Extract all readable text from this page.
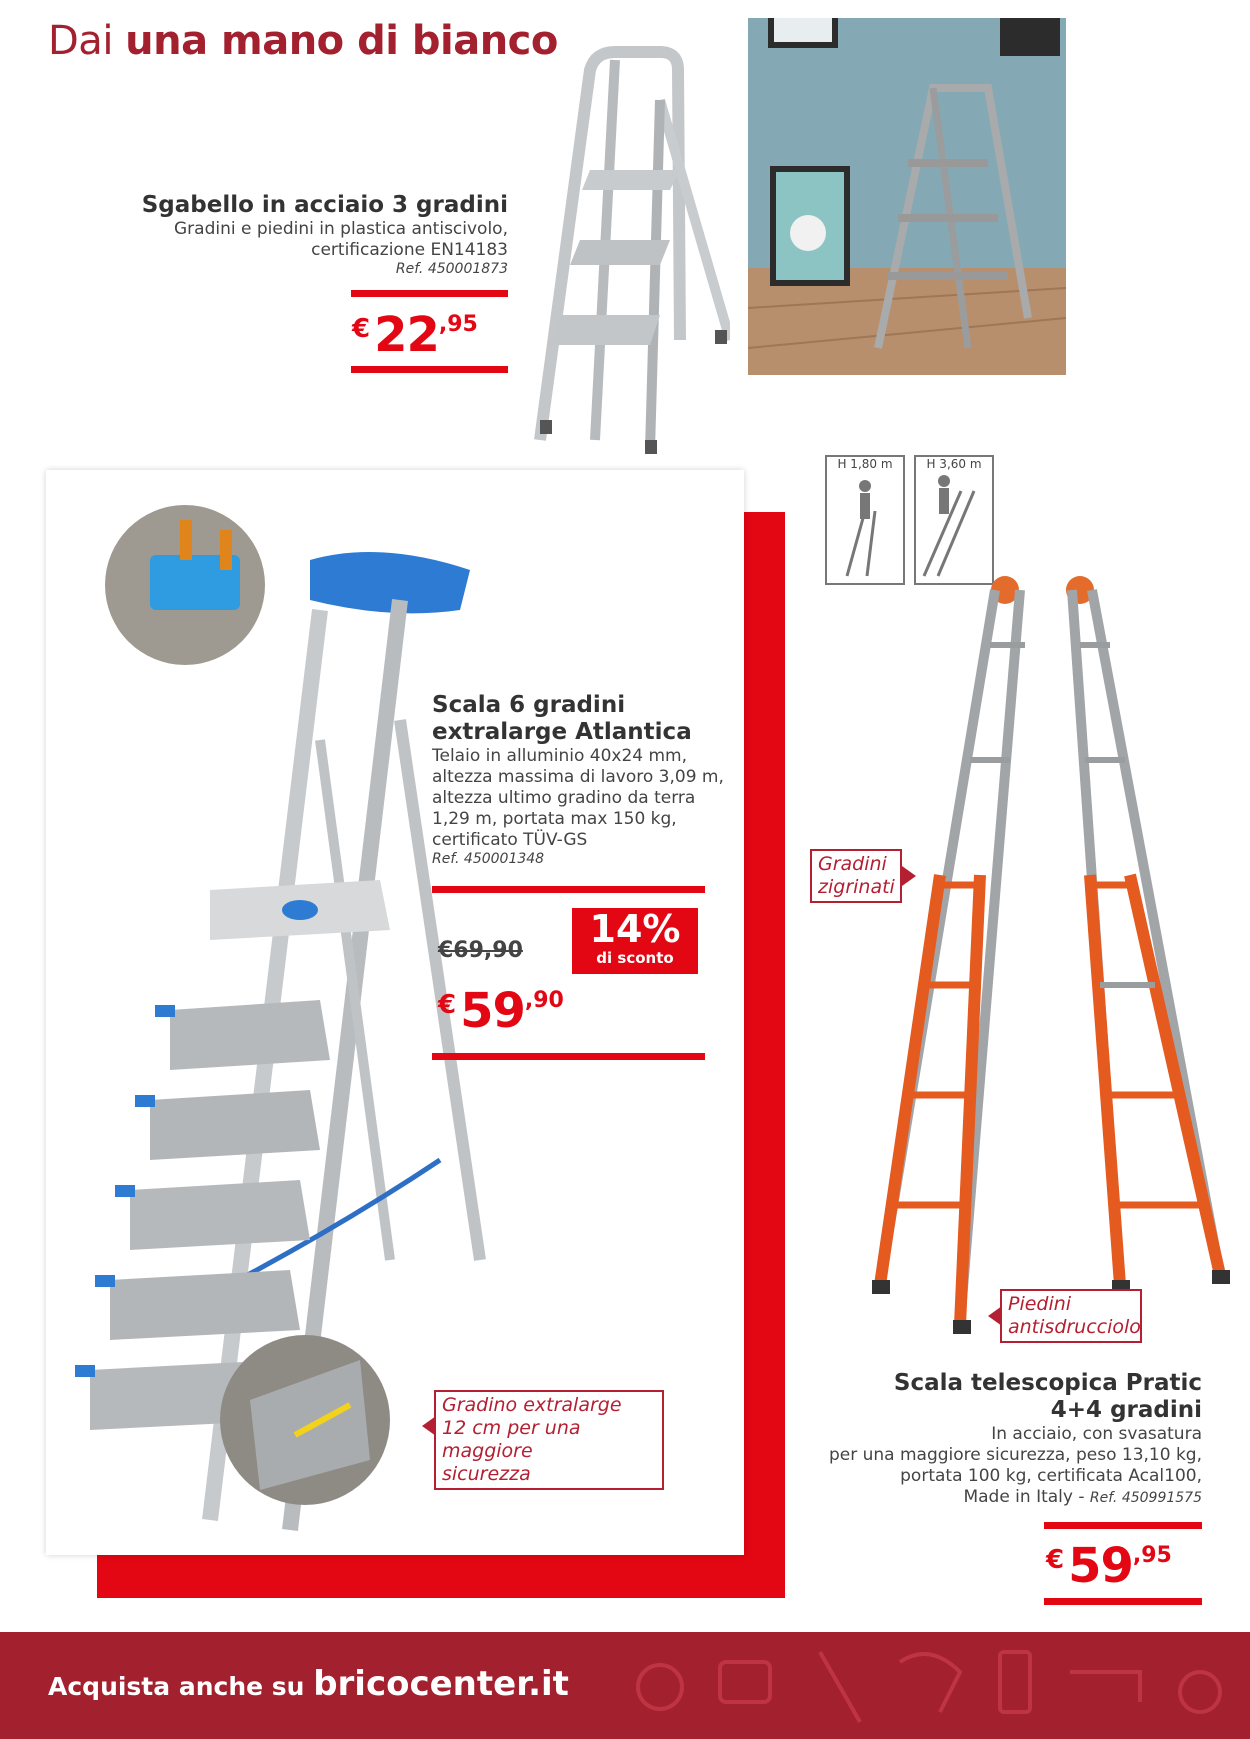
Dai una mano di bianco
Sgabello in acciaio 3 gradini
Gradini e piedini in plastica antiscivolo,
certificazione EN14183
Ref. 450001873
€22,95
Scala 6 gradini
extralarge Atlantica
Telaio in alluminio 40x24 mm,
altezza massima di lavoro 3,09 m,
altezza ultimo gradino da terra
1,29 m, portata max 150 kg,
certificato TÜV-GS
Ref. 450001348
€69,90	14%
di sconto
€59,90
Gradino extralarge
12 cm per una maggiore
sicurezza
H 1,80 m	H 3,60 m
Gradini
zigrinati
Piedini
antisdrucciolo
Scala telescopica Pratic
4+4 gradini
In acciaio, con svasatura
per una maggiore sicurezza, peso 13,10 kg,
portata 100 kg, certificata Acal100,
Made in Italy - Ref. 450991575
€59,95
Acquista anche su bricocenter.it
